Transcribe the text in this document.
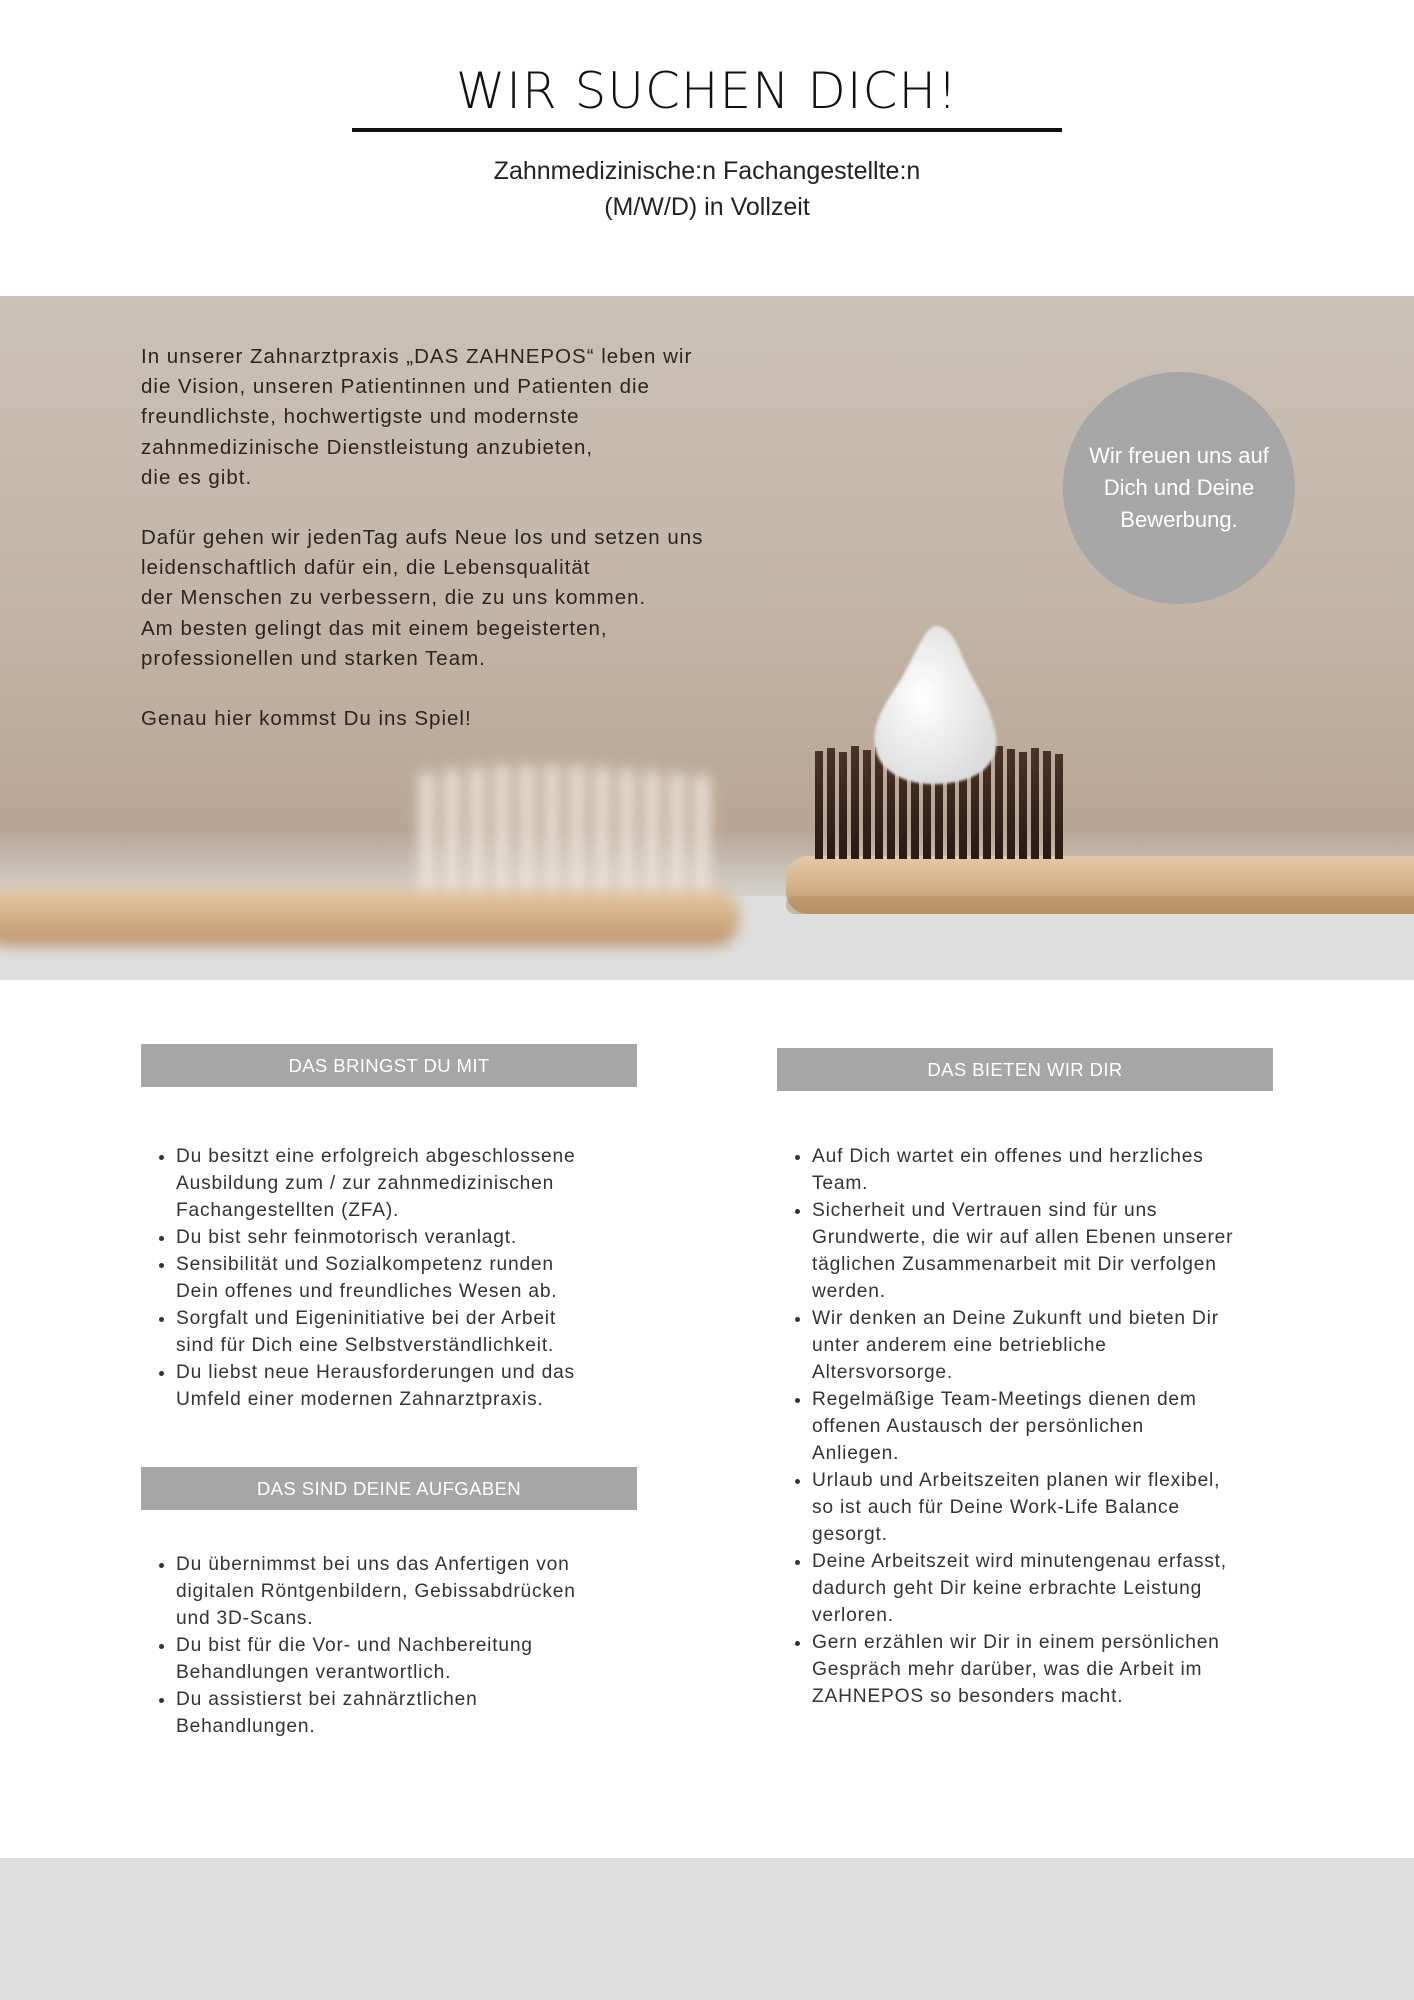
WIR SUCHEN DICH!
Zahnmedizinische:n Fachangestellte:n
(M/W/D) in Vollzeit

In unserer Zahnarztpraxis „DAS ZAHNEPOS“ leben wir
die Vision, unseren Patientinnen und Patienten die
freundlichste, hochwertigste und modernste
zahnmedizinische Dienstleistung anzubieten,
die es gibt.

Dafür gehen wir jedenTag aufs Neue los und setzen uns
leidenschaftlich dafür ein, die Lebensqualität
der Menschen zu verbessern, die zu uns kommen.
Am besten gelingt das mit einem begeisterten,
professionellen und starken Team.

Genau hier kommst Du ins Spiel!

Wir freuen uns auf Dich und Deine Bewerbung.
DAS BRINGST DU MIT
• Du besitzt eine erfolgreich abgeschlossene
Ausbildung zum / zur zahnmedizinischen
Fachangestellten (ZFA).
• Du bist sehr feinmotorisch veranlagt.
• Sensibilität und Sozialkompetenz runden
Dein offenes und freundliches Wesen ab.
• Sorgfalt und Eigeninitiative bei der Arbeit
sind für Dich eine Selbstverständlichkeit.
• Du liebst neue Herausforderungen und das
Umfeld einer modernen Zahnarztpraxis.
DAS SIND DEINE AUFGABEN
• Du übernimmst bei uns das Anfertigen von
digitalen Röntgenbildern, Gebissabdrücken
und 3D-Scans.
• Du bist für die Vor- und Nachbereitung
Behandlungen verantwortlich.
• Du assistierst bei zahnärztlichen
Behandlungen.
DAS BIETEN WIR DIR
• Auf Dich wartet ein offenes und herzliches
Team.
• Sicherheit und Vertrauen sind für uns
Grundwerte, die wir auf allen Ebenen unserer
täglichen Zusammenarbeit mit Dir verfolgen
werden.
• Wir denken an Deine Zukunft und bieten Dir
unter anderem eine betriebliche
Altersvorsorge.
• Regelmäßige Team-Meetings dienen dem
offenen Austausch der persönlichen
Anliegen.
• Urlaub und Arbeitszeiten planen wir flexibel,
so ist auch für Deine Work-Life Balance
gesorgt.
• Deine Arbeitszeit wird minutengenau erfasst,
dadurch geht Dir keine erbrachte Leistung
verloren.
• Gern erzählen wir Dir in einem persönlichen
Gespräch mehr darüber, was die Arbeit im
ZAHNEPOS so besonders macht.
